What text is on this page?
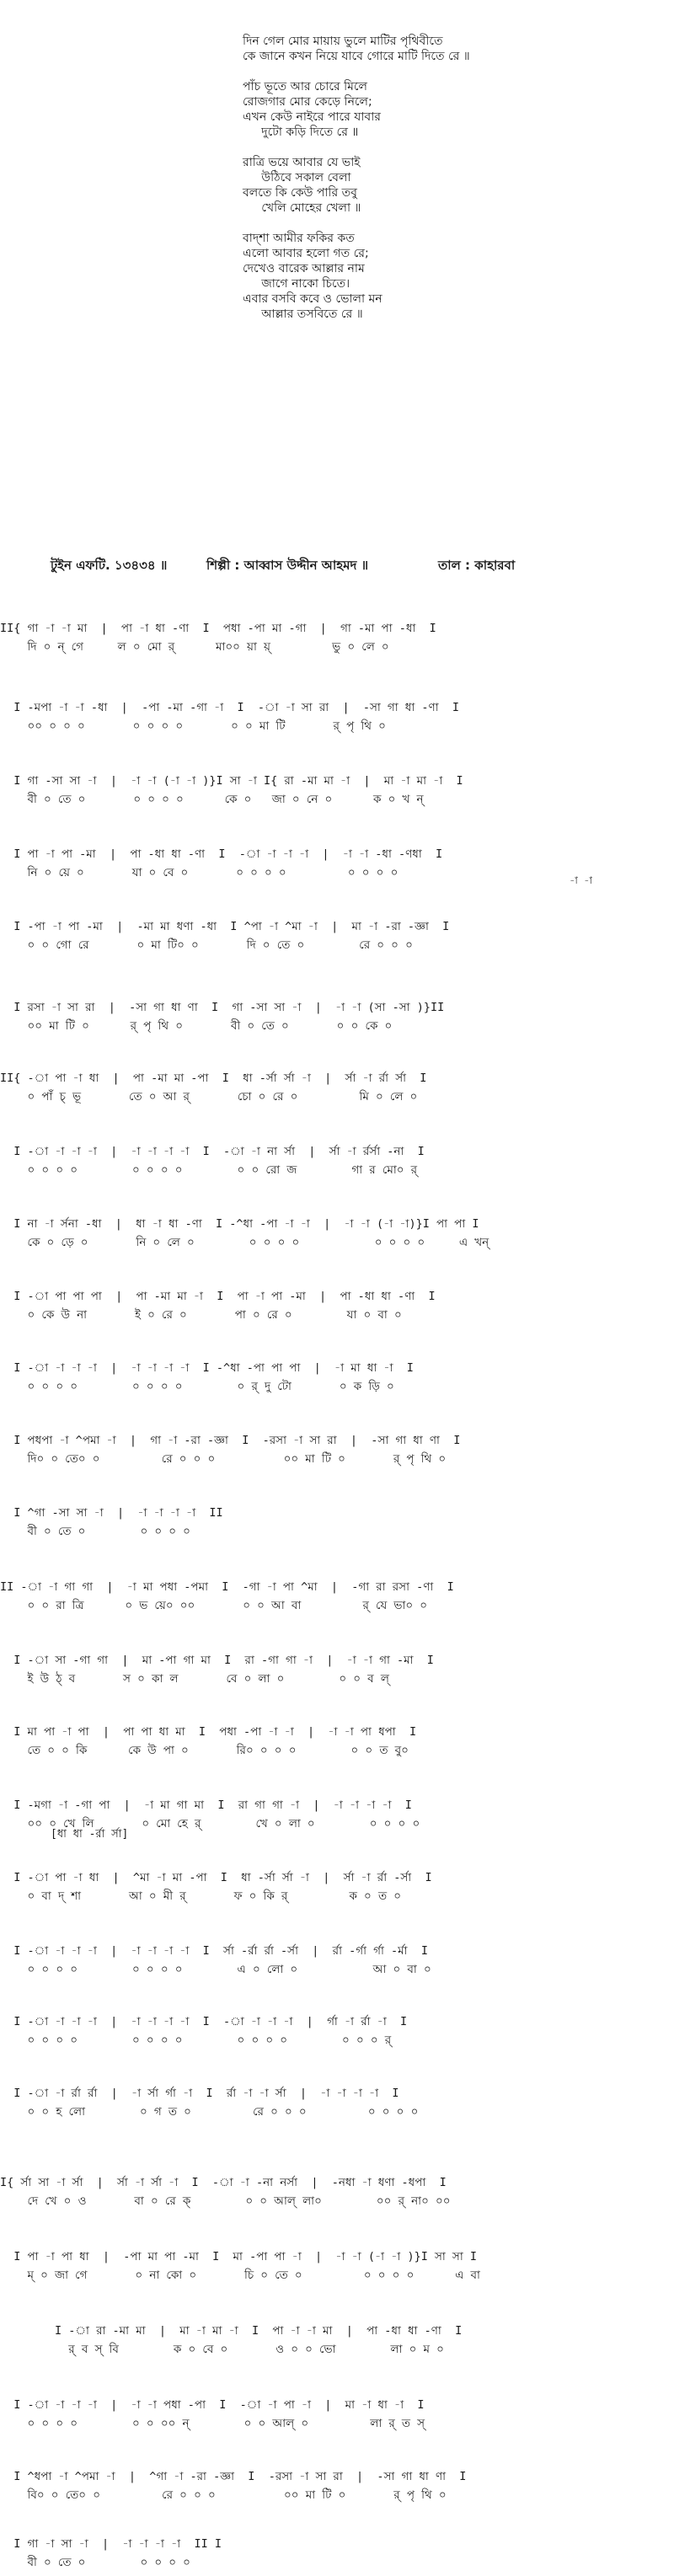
দিন গেল মোর মায়ায় ভুলে মাটির পৃথিবীতে
কে জানে কখন নিয়ে যাবে গোরে মাটি দিতে রে ॥
পাঁচ ভূতে আর চোরে মিলে
রোজগার মোর কেড়ে নিলে;
এখন কেউ নাইরে পারে যাবার
দুটো কড়ি দিতে রে ॥
রাত্রি ভয়ে আবার যে ভাই
উঠিবে সকাল বেলা
বলতে কি কেউ পারি তবু
খেলি মোহের খেলা ॥
বাদ্‌শা আমীর ফকির কত
এলো আবার হলো গত রে;
দেখেও বারেক আল্লার নাম
জাগে নাকো চিতে।
এবার বসবি কবে ও ভোলা মন
আল্লার তসবিতে রে ॥

টুইন এফটি. ১৩৪৩৪ ॥

	শিল্পী : আব্বাস উদ্দীন আহমদ ॥

	তাল : কাহারবা

[ধা ধা -র্রা র্সা]
-া -া
II{ গা -া -া মা  |  পা -া ধা -ণা  I  পধা -পা মা -গা  |  গা -মা পা -ধা  I
দি ০ ন্ গে     ল ০ মো র্      মা০০ য়া য়্         ভু ০ লে ০
I -মপা -া -া -ধা  |  -পা -মা -গা -া  I  -া -া সা রা  |  -সা গা ধা -ণা  I
০০ ০ ০ ০       ০ ০ ০ ০       ০ ০ মা টি       র্ পৃ থি ০
I গা -সা সা -া  |  -া -া (-া -া )}I সা -া I{ রা -মা মা -া  |  মা -া মা -া  I
বী ০ তে ০       ০ ০ ০ ০      কে ০   জা ০ নে ০      ক ০ খ ন্
I পা -া পা -মা  |  পা -ধা ধা -ণা  I  -া -া -া -া  |  -া -া -ধা -ণধা  I
নি ০ য়ে ০       যা ০ বে ০       ০ ০ ০ ০         ০ ০ ০ ০
I -পা -া পা -মা  |  -মা মা ধণা -ধা  I ^পা -া ^মা -া  |  মা -া -রা -জ্ঞা  I
০ ০ গো রে       ০ মা টি০ ০       দি ০ তে ০        রে ০ ০ ০
I রসা -া সা রা  |  -সা গা ধা ণা  I  গা -সা সা -া  |  -া -া (সা -সা )}II
০০ মা টি ০      র্ পৃ থি ০       বী ০ তে ০       ০ ০ কে ০
II{ -া পা -া ধা  |  পা -মা মা -পা  I  ধা -র্সা র্সা -া  |  র্সা -া র্রা র্সা  I
০ পাঁ চ্ ভূ       তে ০ আ র্       চো ০ রে ০         মি ০ লে ০
I -া -া -া -া  |  -া -া -া -া  I  -া -া না র্সা  |  র্সা -া র্রর্সা -না  I
০ ০ ০ ০        ০ ০ ০ ০        ০ ০ রো জ        গা র মো০ র্
I না -া র্সনা -ধা  |  ধা -া ধা -ণা  I -^ধা -পা -া -া  |  -া -া (-া -া)}I পা পা I
কে ০ ড়ে ০       নি ০ লে ০        ০ ০ ০ ০           ০ ০ ০ ০     এ খন্
I -া পা পা পা  |  পা -মা মা -া  I  পা -া পা -মা  |  পা -ধা ধা -ণা  I
০ কে উ না       ই ০ রে ০       পা ০ রে ০        যা ০ বা ০
I -া -া -া -া  |  -া -া -া -া  I -^ধা -পা পা পা  |  -া মা ধা -া  I
০ ০ ০ ০        ০ ০ ০ ০        ০ র্ দু টো       ০ ক ড়ি ০
I পধপা -া ^পমা -া  |  গা -া -রা -জ্ঞা  I  -রসা -া সা রা  |  -সা গা ধা ণা  I
দি০ ০ তে০ ০         রে ০ ০ ০          ০০ মা টি ০       র্ পৃ থি ০
I ^গা -সা সা -া  |  -া -া -া -া  II
বী ০ তে ০        ০ ০ ০ ০
II -া -া গা গা  |  -া মা পধা -পমা  I  -গা -া পা ^মা  |  -গা রা রসা -ণা  I
০ ০ রা ত্রি      ০ ভ য়ে০ ০০       ০ ০ আ বা         র্ যে ভা০ ০
I -া সা -গা গা  |  মা -পা গা মা  I  রা -গা গা -া  |  -া -া গা -মা  I
ই উ ঠ্ ব       স ০ কা ল       বে ০ লা ০        ০ ০ ব ল্
I মা পা -া পা  |  পা পা ধা মা  I  পধা -পা -া -া  |  -া -া পা ধপা  I
তে ০ ০ কি      কে উ পা ০       রি০ ০ ০ ০        ০ ০ ত বু০
I -মগা -া -গা পা  |  -া মা গা মা  I  রা গা গা -া  |  -া -া -া -া  I
০০ ০ খে লি       ০ মো হে র্        খে ০ লা ০        ০ ০ ০ ০
I -া পা -া ধা  |  ^মা -া মা -পা  I  ধা -র্সা র্সা -া  |  র্সা -া র্রা -র্সা  I
০ বা দ্ শা       আ ০ মী র্       ফ ০ কি র্         ক ০ ত ০
I -া -া -া -া  |  -া -া -া -া  I  র্সা -র্রা র্রা -র্সা  |  র্রা -র্গা র্গা -র্মা  I
০ ০ ০ ০        ০ ০ ০ ০        এ ০ লো ০           আ ০ বা ০
I -া -া -া -া  |  -া -া -া -া  I  -া -া -া -া  |  র্গা -া র্রা -া  I
০ ০ ০ ০        ০ ০ ০ ০        ০ ০ ০ ০        ০ ০ ০ র্
I -া -া র্রা র্রা  |  -া র্সা র্গা -া  I  র্রা -া -া র্সা  |  -া -া -া -া  I
০ ০ হ লো        ০ গ ত ০         রে ০ ০ ০         ০ ০ ০ ০
I{ র্সা সা -া র্সা  |  র্সা -া র্সা -া  I  -া -া -না নর্সা  |  -নধা -া ধণা -ধপা  I
দে খে ০ ও       বা ০ রে ক্        ০ ০ আল্ লা০        ০০ র্ না০ ০০
I পা -া পা ধা  |  -পা মা পা -মা  I  মা -পা পা -া  |  -া -া (-া -া )}I সা সা I
ম্ ০ জা গে       ০ না কো ০       চি ০ তে ০         ০ ০ ০ ০      এ বা
I -া রা -মা মা  |  মা -া মা -া  I  পা -া -া মা  |  পা -ধা ধা -ণা  I
র্ ব স্ বি        ক ০ বে ০       ও ০ ০ ভো        লা ০ ম ০
I -া -া -া -া  |  -া -া পধা -পা  I  -া -া পা -া  |  মা -া ধা -া  I
০ ০ ০ ০        ০ ০ ০০ ন্        ০ ০ আল্ ০         লা র্ ত স্
I ^ধপা -া ^পমা -া  |  ^গা -া -রা -জ্ঞা  I  -রসা -া সা রা  |  -সা গা ধা ণা  I
বি০ ০ তে০ ০         রে ০ ০ ০          ০০ মা টি ০       র্ পৃ থি ০
I গা -া সা -া  |  -া -া -া -া  II I
বী ০ তে ০        ০ ০ ০ ০
